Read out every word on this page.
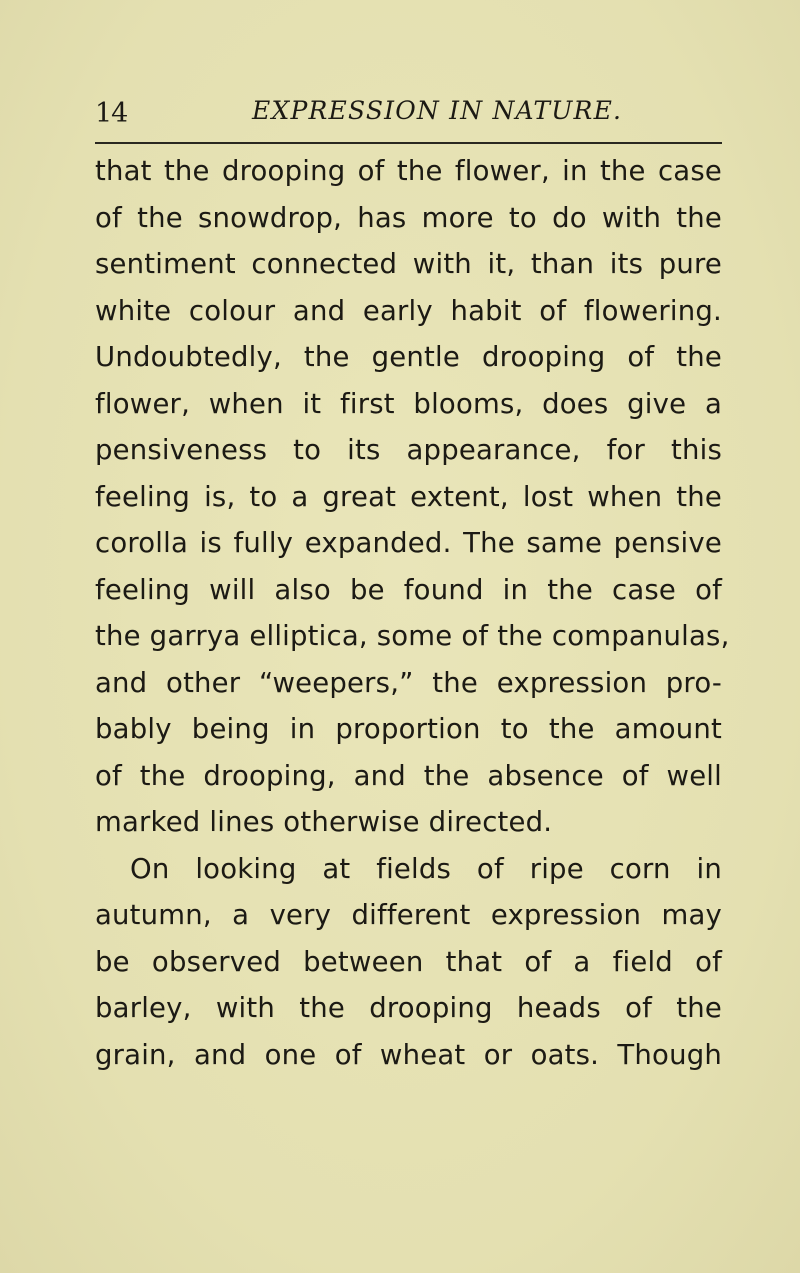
14	EXPRESSION IN NATURE.
that the drooping of the flower, in the case
of the snowdrop, has more to do with the
sentiment connected with it, than its pure
white colour and early habit of flowering.
Undoubtedly, the gentle drooping of the
flower, when it first blooms, does give a
pensiveness to its appearance, for this
feeling is, to a great extent, lost when the
corolla is fully expanded. The same pensive
feeling will also be found in the case of
the garrya elliptica, some of the companulas,
and other “weepers,” the expression pro-
bably being in proportion to the amount
of the drooping, and the absence of well
marked lines otherwise directed.
On looking at fields of ripe corn in
autumn, a very different expression may
be observed between that of a field of
barley, with the drooping heads of the
grain, and one of wheat or oats. Though
